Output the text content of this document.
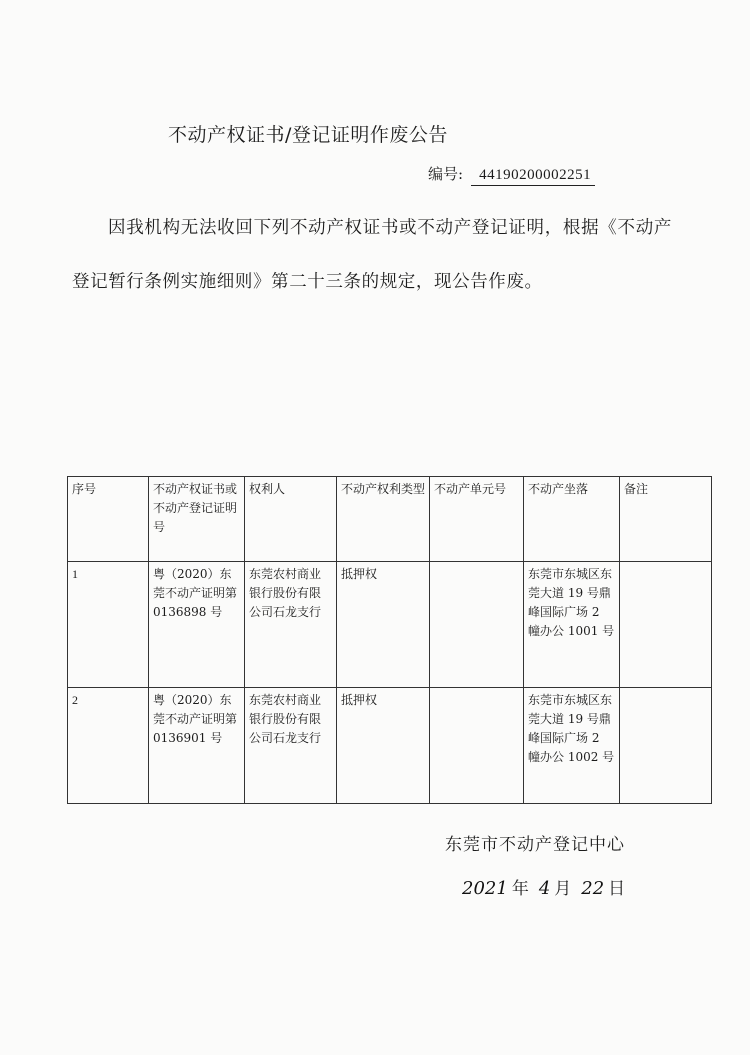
不动产权证书/登记证明作废公告
编号: 44190200002251
因我机构无法收回下列不动产权证书或不动产登记证明，根据《不动产登记暂行条例实施细则》第二十三条的规定，现公告作废。
序号	不动产权证书或不动产登记证明号	权利人	不动产权利类型	不动产单元号	不动产坐落	备注
1	粤（2020）东莞不动产证明第 0136898 号	东莞农村商业银行股份有限公司石龙支行	抵押权		东莞市东城区东莞大道 19 号鼎峰国际广场 2 幢办公 1001 号	
2	粤（2020）东莞不动产证明第 0136901 号	东莞农村商业银行股份有限公司石龙支行	抵押权		东莞市东城区东莞大道 19 号鼎峰国际广场 2 幢办公 1002 号	
东莞市不动产登记中心
2021 年 4 月 22 日
